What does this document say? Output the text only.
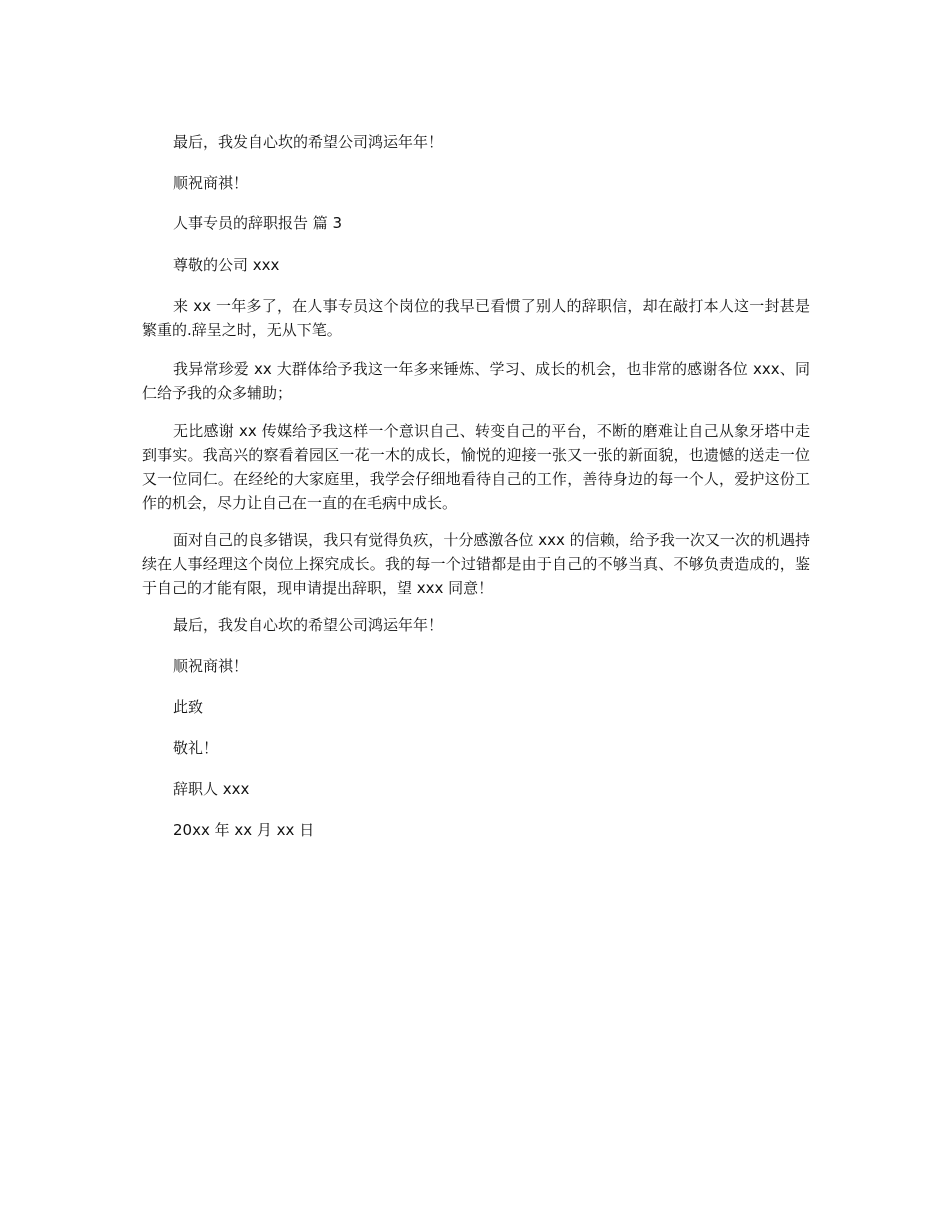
最后，我发自心坎的希望公司鸿运年年！
顺祝商祺！
人事专员的辞职报告 篇 3
尊敬的公司 xxx
来 xx 一年多了，在人事专员这个岗位的我早已看惯了别人的辞职信，却在敲打本人这一封甚是繁重的.辞呈之时，无从下笔。
我异常珍爱 xx 大群体给予我这一年多来锤炼、学习、成长的机会，也非常的感谢各位 xxx、同仁给予我的众多辅助；
无比感谢 xx 传媒给予我这样一个意识自己、转变自己的平台，不断的磨难让自己从象牙塔中走到事实。我高兴的察看着园区一花一木的成长，愉悦的迎接一张又一张的新面貌，也遗憾的送走一位又一位同仁。在经纶的大家庭里，我学会仔细地看待自己的工作，善待身边的每一个人，爱护这份工作的机会，尽力让自己在一直的在毛病中成长。
面对自己的良多错误，我只有觉得负疚，十分感激各位 xxx 的信赖，给予我一次又一次的机遇持续在人事经理这个岗位上探究成长。我的每一个过错都是由于自己的不够当真、不够负责造成的，鉴于自己的才能有限，现申请提出辞职，望 xxx 同意！
最后，我发自心坎的希望公司鸿运年年！
顺祝商祺！
此致
敬礼！
辞职人 xxx
20xx 年 xx 月 xx 日
